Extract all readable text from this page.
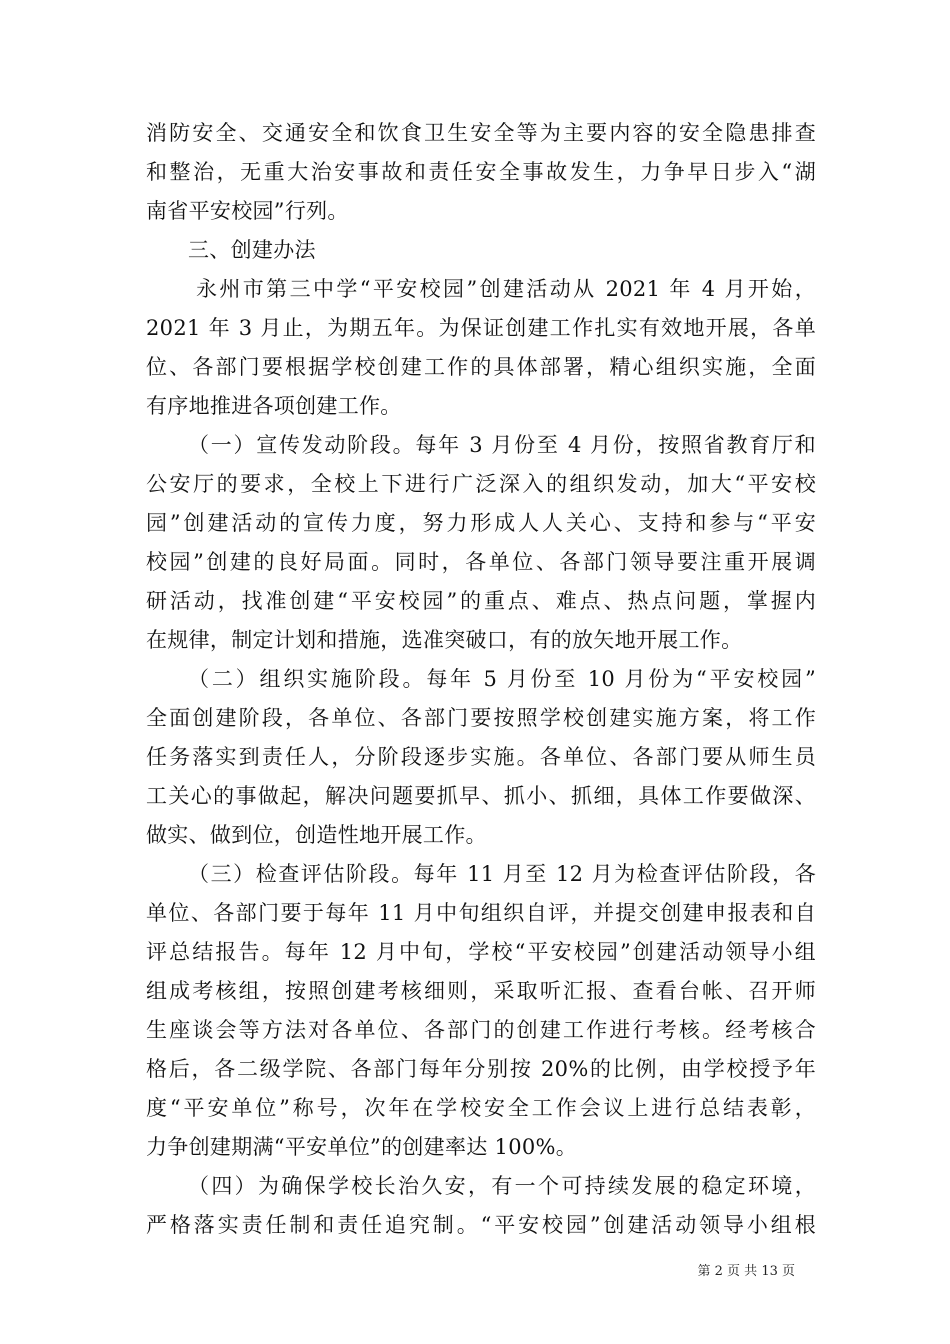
消防安全、交通安全和饮食卫生安全等为主要内容的安全隐患排查
和整治，无重大治安事故和责任安全事故发生，力争早日步入“湖
南省平安校园”行列。
三、创建办法
永州市第三中学“平安校园”创建活动从 2021 年 4 月开始，
2021 年 3 月止，为期五年。为保证创建工作扎实有效地开展，各单
位、各部门要根据学校创建工作的具体部署，精心组织实施，全面
有序地推进各项创建工作。
（一）宣传发动阶段。每年 3 月份至 4 月份，按照省教育厅和
公安厅的要求，全校上下进行广泛深入的组织发动，加大“平安校
园”创建活动的宣传力度，努力形成人人关心、支持和参与“平安
校园”创建的良好局面。同时，各单位、各部门领导要注重开展调
研活动，找准创建“平安校园”的重点、难点、热点问题，掌握内
在规律，制定计划和措施，选准突破口，有的放矢地开展工作。
（二）组织实施阶段。每年 5 月份至 10 月份为“平安校园”
全面创建阶段，各单位、各部门要按照学校创建实施方案，将工作
任务落实到责任人，分阶段逐步实施。各单位、各部门要从师生员
工关心的事做起，解决问题要抓早、抓小、抓细，具体工作要做深、
做实、做到位，创造性地开展工作。
（三）检查评估阶段。每年 11 月至 12 月为检查评估阶段，各
单位、各部门要于每年 11 月中旬组织自评，并提交创建申报表和自
评总结报告。每年 12 月中旬，学校“平安校园”创建活动领导小组
组成考核组，按照创建考核细则，采取听汇报、查看台帐、召开师
生座谈会等方法对各单位、各部门的创建工作进行考核。经考核合
格后，各二级学院、各部门每年分别按 20%的比例，由学校授予年
度“平安单位”称号，次年在学校安全工作会议上进行总结表彰，
力争创建期满“平安单位”的创建率达 100%。
（四）为确保学校长治久安，有一个可持续发展的稳定环境，
严格落实责任制和责任追究制。“平安校园”创建活动领导小组根
第 2 页 共 13 页
